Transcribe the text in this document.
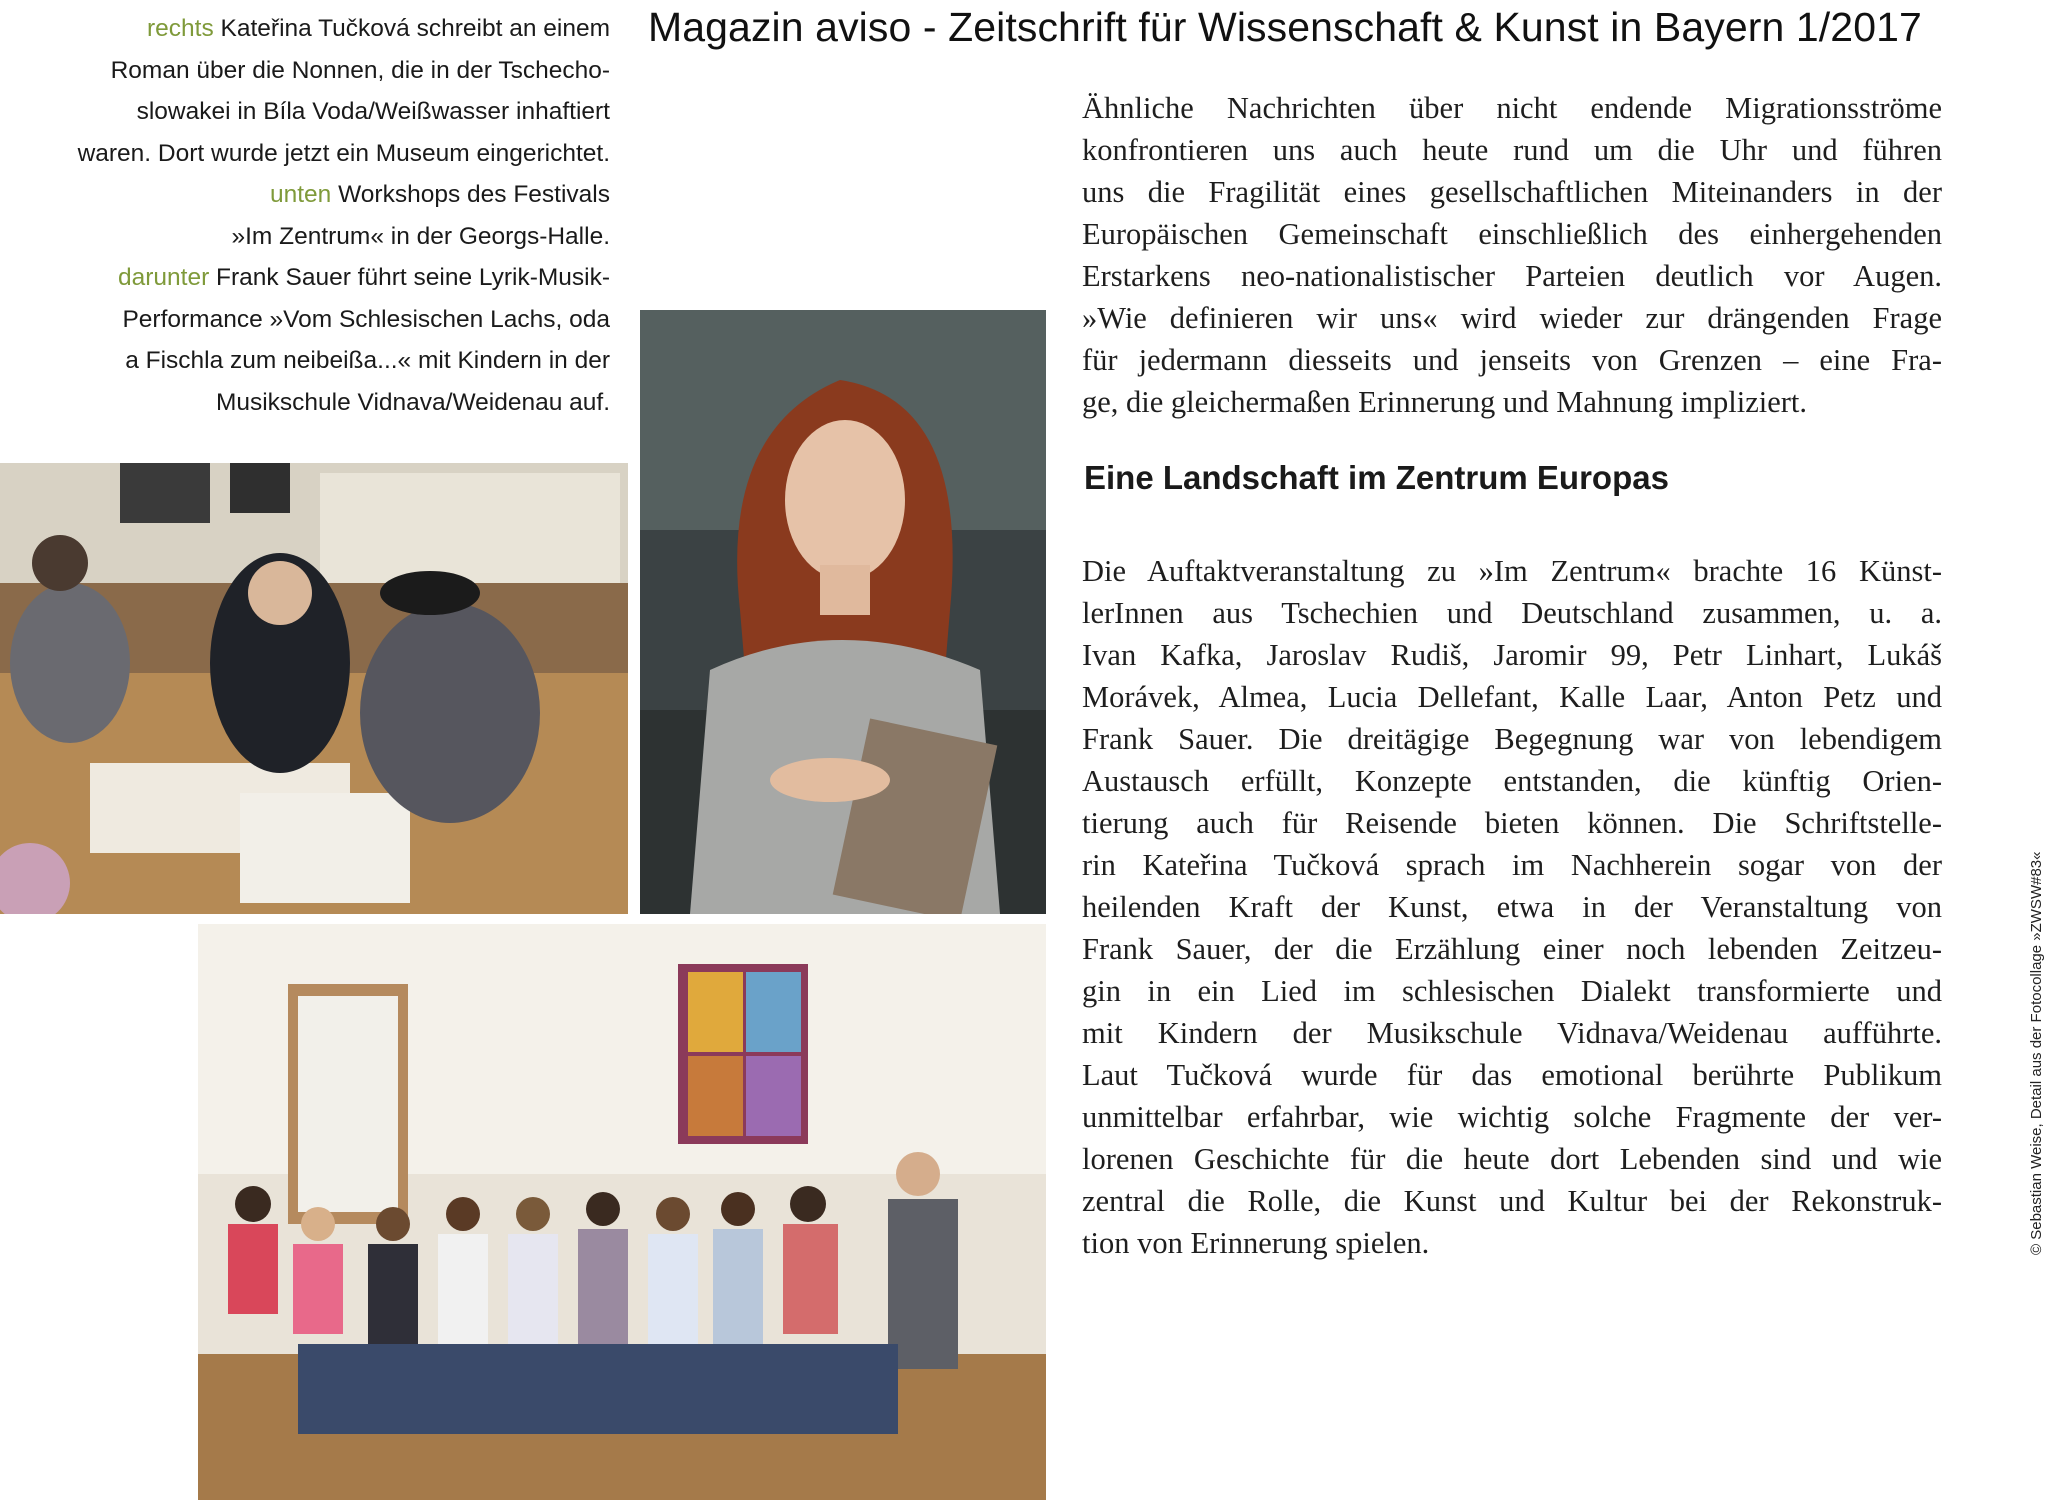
Magazin aviso - Zeitschrift für Wissenschaft & Kunst in Bayern 1/2017
rechts Kateřina Tučková schreibt an einem
Roman über die Nonnen, die in der Tschecho-
slowakei in Bíla Voda/Weißwasser inhaftiert
waren. Dort wurde jetzt ein Museum eingerichtet.
unten Workshops des Festivals
»Im Zentrum« in der Georgs-Halle.
darunter Frank Sauer führt seine Lyrik-Musik-
Performance »Vom Schlesischen Lachs, oda
a Fischla zum neibeißa...« mit Kindern in der
Musikschule Vidnava/Weidenau auf.
Ähnliche Nachrichten über nicht endende Migrationsströme
konfrontieren uns auch heute rund um die Uhr und führen
uns die Fragilität eines gesellschaftlichen Miteinanders in der
Europäischen Gemeinschaft einschließlich des einhergehenden
Erstarkens neo-nationalistischer Parteien deutlich vor Augen.
»Wie definieren wir uns« wird wieder zur drängenden Frage
für jedermann diesseits und jenseits von Grenzen – eine Fra-
ge, die gleichermaßen Erinnerung und Mahnung impliziert.
Eine Landschaft im Zentrum Europas
Die Auftaktveranstaltung zu »Im Zentrum« brachte 16 Künst-
lerInnen aus Tschechien und Deutschland zusammen, u. a.
Ivan Kafka, Jaroslav Rudiš, Jaromir 99, Petr Linhart, Lukáš
Morávek, Almea, Lucia Dellefant, Kalle Laar, Anton Petz und
Frank Sauer. Die dreitägige Begegnung war von lebendigem
Austausch erfüllt, Konzepte entstanden, die künftig Orien-
tierung auch für Reisende bieten können. Die Schriftstelle-
rin Kateřina Tučková sprach im Nachherein sogar von der
heilenden Kraft der Kunst, etwa in der Veranstaltung von
Frank Sauer, der die Erzählung einer noch lebenden Zeitzeu-
gin in ein Lied im schlesischen Dialekt transformierte und
mit Kindern der Musikschule Vidnava/Weidenau aufführte.
Laut Tučková wurde für das emotional berührte Publikum
unmittelbar erfahrbar, wie wichtig solche Fragmente der ver-
lorenen Geschichte für die heute dort Lebenden sind und wie
zentral die Rolle, die Kunst und Kultur bei der Rekonstruk-
tion von Erinnerung spielen.	© Sebastian Weise, Detail aus der Fotocollage »ZWSW#83«
